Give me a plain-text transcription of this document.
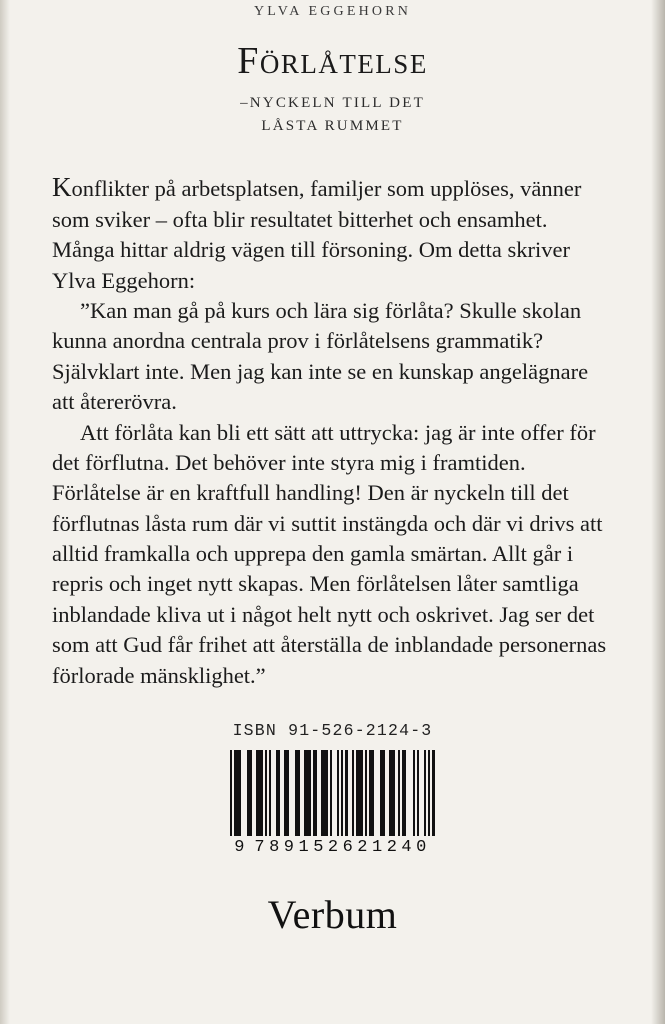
YLVA EGGEHORN
Förlåtelse
–NYCKELN TILL DET
LÅSTA RUMMET

Konflikter på arbetsplatsen, familjer som upplöses, vänner som sviker – ofta blir resultatet bitterhet och ensamhet. Många hittar aldrig vägen till försoning. Om detta skriver Ylva Eggehorn:

”Kan man gå på kurs och lära sig förlåta? Skulle skolan kunna anordna centrala prov i förlåtelsens grammatik? Självklart inte. Men jag kan inte se en kunskap angelägnare att återerövra.

Att förlåta kan bli ett sätt att uttrycka: jag är inte offer för det förflutna. Det behöver inte styra mig i framtiden. Förlåtelse är en kraftfull handling! Den är nyckeln till det förflutnas låsta rum där vi suttit instängda och där vi drivs att alltid framkalla och upprepa den gamla smärtan. Allt går i repris och inget nytt skapas. Men förlåtelsen låter samtliga inblandade kliva ut i något helt nytt och oskrivet. Jag ser det som att Gud får frihet att återställa de inblandade personernas förlorade mänsklighet.”

ISBN 91-526-2124-3
9 789152621240
Verbum
